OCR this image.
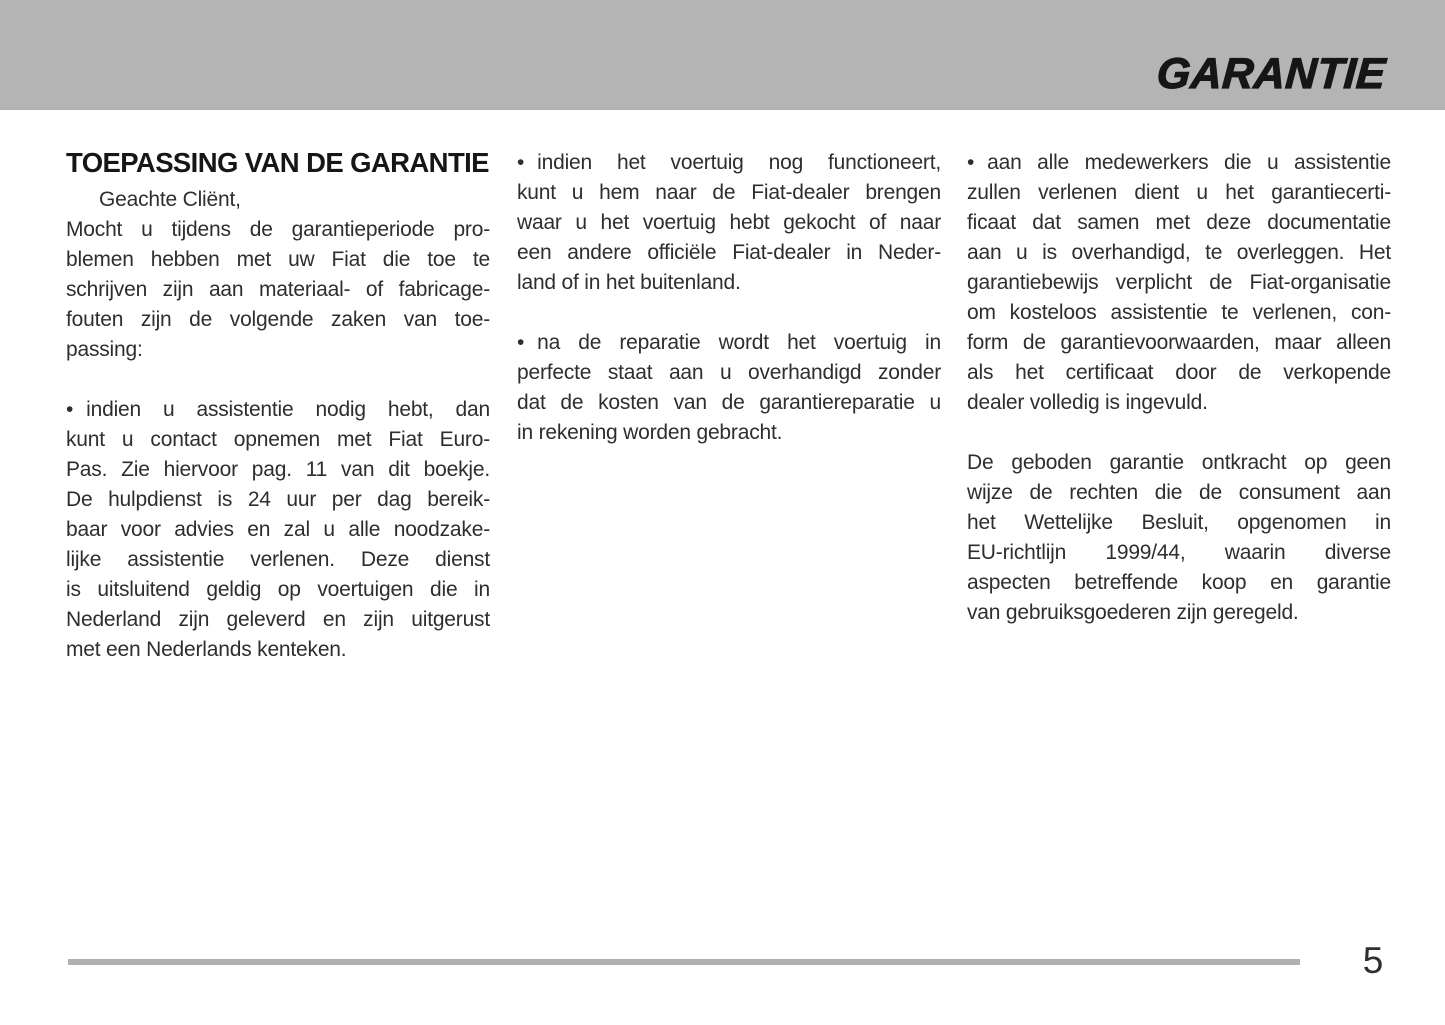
GARANTIE
TOEPASSING VAN DE GARANTIE
Geachte Cliënt,
Mocht u tijdens de garantieperiode pro-
blemen hebben met uw Fiat die toe te
schrijven zijn aan materiaal- of fabricage-
fouten zijn de volgende zaken van toe-
passing:
• indien u assistentie nodig hebt, dan
kunt u contact opnemen met Fiat Euro-
Pas. Zie hiervoor pag. 11 van dit boekje.
De hulpdienst is 24 uur per dag bereik-
baar voor advies en zal u alle noodzake-
lijke assistentie verlenen. Deze dienst
is uitsluitend geldig op voertuigen die in
Nederland zijn geleverd en zijn uitgerust
met een Nederlands kenteken.
• indien het voertuig nog functioneert,
kunt u hem naar de Fiat-dealer brengen
waar u het voertuig hebt gekocht of naar
een andere officiële Fiat-dealer in Neder-
land of in het buitenland.
• na de reparatie wordt het voertuig in
perfecte staat aan u overhandigd zonder
dat de kosten van de garantiereparatie u
in rekening worden gebracht.
• aan alle medewerkers die u assistentie
zullen verlenen dient u het garantiecerti-
ficaat dat samen met deze documentatie
aan u is overhandigd, te overleggen. Het
garantiebewijs verplicht de Fiat-organisatie
om kosteloos assistentie te verlenen, con-
form de garantievoorwaarden, maar alleen
als het certificaat door de verkopende
dealer volledig is ingevuld.
De geboden garantie ontkracht op geen
wijze de rechten die de consument aan
het Wettelijke Besluit, opgenomen in
EU-richtlijn 1999/44, waarin diverse
aspecten betreffende koop en garantie
van gebruiksgoederen zijn geregeld.
5
